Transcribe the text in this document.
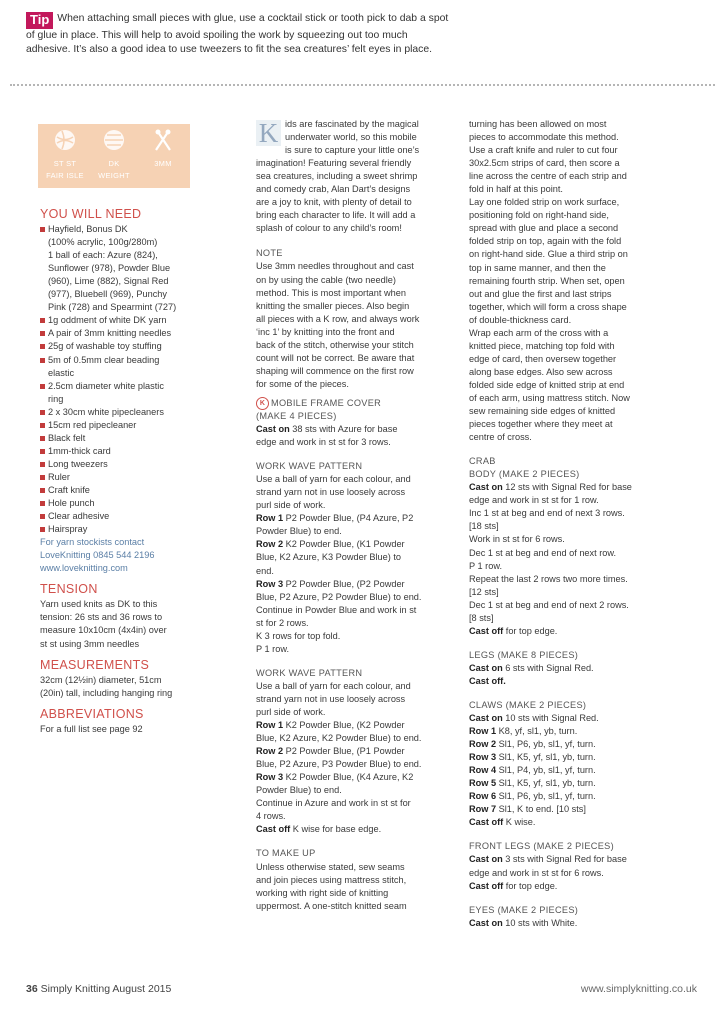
Tip When attaching small pieces with glue, use a cocktail stick or tooth pick to dab a spot
of glue in place. This will help to avoid spoiling the work by squeezing out too much
adhesive. It’s also a good idea to use tweezers to fit the sea creatures’ felt eyes in place.
ST ST
FAIR ISLE
DK
WEIGHT
3MM
YOU WILL NEED
Hayfield, Bonus DK
(100% acrylic, 100g/280m)
1 ball of each: Azure (824),
Sunflower (978), Powder Blue
(960), Lime (882), Signal Red
(977), Bluebell (969), Punchy
Pink (728) and Spearmint (727)
1g oddment of white DK yarn
A pair of 3mm knitting needles
25g of washable toy stuffing
5m of 0.5mm clear beading
elastic
2.5cm diameter white plastic
ring
2 x 30cm white pipecleaners
15cm red pipecleaner
Black felt
1mm-thick card
Long tweezers
Ruler
Craft knife
Hole punch
Clear adhesive
Hairspray
For yarn stockists contact
LoveKnitting 0845 544 2196
www.loveknitting.com
TENSION
Yarn used knits as DK to this
tension: 26 sts and 36 rows to
measure 10x10cm (4x4in) over
st st using 3mm needles
MEASUREMENTS
32cm (12½in) diameter, 51cm
(20in) tall, including hanging ring
ABBREVIATIONS
For a full list see page 92
K ids are fascinated by the magical
underwater world, so this mobile
is sure to capture your little one’s
imagination! Featuring several friendly
sea creatures, including a sweet shrimp
and comedy crab, Alan Dart’s designs
are a joy to knit, with plenty of detail to
bring each character to life. It will add a
splash of colour to any child’s room!
NOTE
Use 3mm needles throughout and cast
on by using the cable (two needle)
method. This is most important when
knitting the smaller pieces. Also begin
all pieces with a K row, and always work
‘inc 1’ by knitting into the front and
back of the stitch, otherwise your stitch
count will not be correct. Be aware that
shaping will commence on the first row
for some of the pieces.
K MOBILE FRAME COVER
(MAKE 4 PIECES)
Cast on 38 sts with Azure for base
edge and work in st st for 3 rows.
WORK WAVE PATTERN
Use a ball of yarn for each colour, and
strand yarn not in use loosely across
purl side of work.
Row 1 P2 Powder Blue, (P4 Azure, P2
Powder Blue) to end.
Row 2 K2 Powder Blue, (K1 Powder
Blue, K2 Azure, K3 Powder Blue) to
end.
Row 3 P2 Powder Blue, (P2 Powder
Blue, P2 Azure, P2 Powder Blue) to end.
Continue in Powder Blue and work in st
st for 2 rows.
K 3 rows for top fold.
P 1 row.
WORK WAVE PATTERN
Use a ball of yarn for each colour, and
strand yarn not in use loosely across
purl side of work.
Row 1 K2 Powder Blue, (K2 Powder
Blue, K2 Azure, K2 Powder Blue) to end.
Row 2 P2 Powder Blue, (P1 Powder
Blue, P2 Azure, P3 Powder Blue) to end.
Row 3 K2 Powder Blue, (K4 Azure, K2
Powder Blue) to end.
Continue in Azure and work in st st for
4 rows.
Cast off K wise for base edge.
TO MAKE UP
Unless otherwise stated, sew seams
and join pieces using mattress stitch,
working with right side of knitting
uppermost. A one-stitch knitted seam
turning has been allowed on most
pieces to accommodate this method.
Use a craft knife and ruler to cut four
30x2.5cm strips of card, then score a
line across the centre of each strip and
fold in half at this point.
Lay one folded strip on work surface,
positioning fold on right-hand side,
spread with glue and place a second
folded strip on top, again with the fold
on right-hand side. Glue a third strip on
top in same manner, and then the
remaining fourth strip. When set, open
out and glue the first and last strips
together, which will form a cross shape
of double-thickness card.
Wrap each arm of the cross with a
knitted piece, matching top fold with
edge of card, then oversew together
along base edges. Also sew across
folded side edge of knitted strip at end
of each arm, using mattress stitch. Now
sew remaining side edges of knitted
pieces together where they meet at
centre of cross.
CRAB
BODY (MAKE 2 PIECES)
Cast on 12 sts with Signal Red for base
edge and work in st st for 1 row.
Inc 1 st at beg and end of next 3 rows.
[18 sts]
Work in st st for 6 rows.
Dec 1 st at beg and end of next row.
P 1 row.
Repeat the last 2 rows two more times.
[12 sts]
Dec 1 st at beg and end of next 2 rows.
[8 sts]
Cast off for top edge.
LEGS (MAKE 8 PIECES)
Cast on 6 sts with Signal Red.
Cast off.
CLAWS (MAKE 2 PIECES)
Cast on 10 sts with Signal Red.
Row 1 K8, yf, sl1, yb, turn.
Row 2 Sl1, P6, yb, sl1, yf, turn.
Row 3 Sl1, K5, yf, sl1, yb, turn.
Row 4 Sl1, P4, yb, sl1, yf, turn.
Row 5 Sl1, K5, yf, sl1, yb, turn.
Row 6 Sl1, P6, yb, sl1, yf, turn.
Row 7 Sl1, K to end. [10 sts]
Cast off K wise.
FRONT LEGS (MAKE 2 PIECES)
Cast on 3 sts with Signal Red for base
edge and work in st st for 6 rows.
Cast off for top edge.
EYES (MAKE 2 PIECES)
Cast on 10 sts with White.
36 Simply Knitting August 2015	www.simplyknitting.co.uk
